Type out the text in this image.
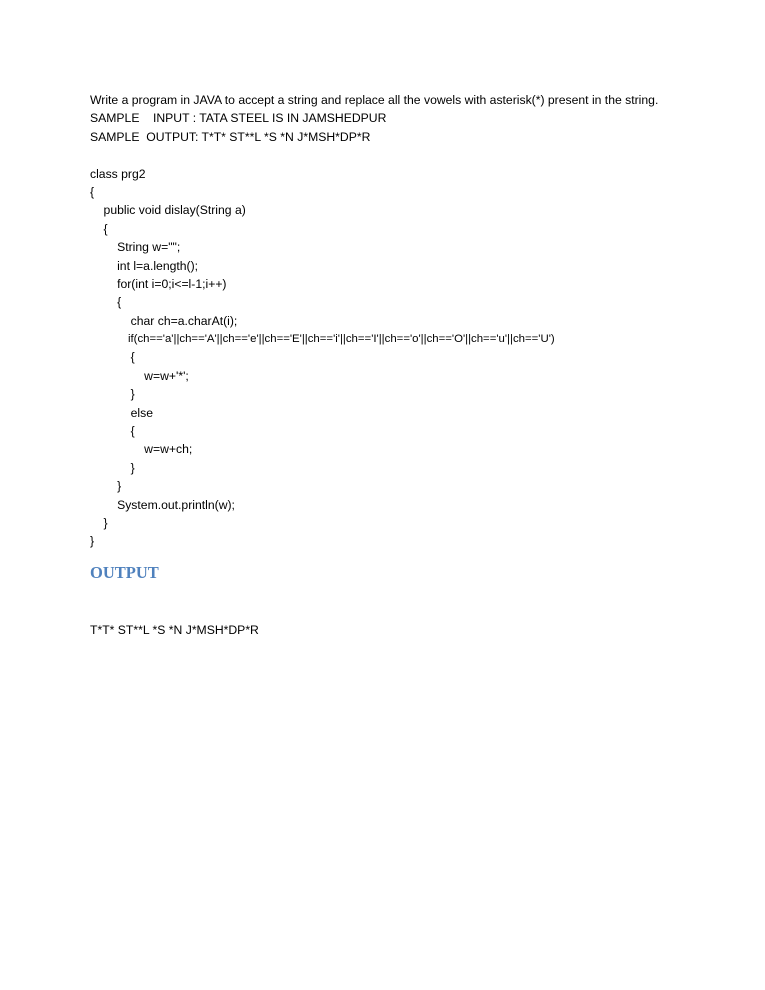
Write a program in JAVA to accept a string and replace all the vowels with asterisk(*) present in the string.
SAMPLE    INPUT : TATA STEEL IS IN JAMSHEDPUR
SAMPLE  OUTPUT: T*T* ST**L *S *N J*MSH*DP*R
class prg2
{
public void dislay(String a)
{
String w="";
int l=a.length();
for(int i=0;i<=l-1;i++)
{
char ch=a.charAt(i);
if(ch=='a'||ch=='A'||ch=='e'||ch=='E'||ch=='i'||ch=='I'||ch=='o'||ch=='O'||ch=='u'||ch=='U')
{
w=w+'*';
}
else
{
w=w+ch;
}
}
System.out.println(w);
}
}
OUTPUT
T*T* ST**L *S *N J*MSH*DP*R
